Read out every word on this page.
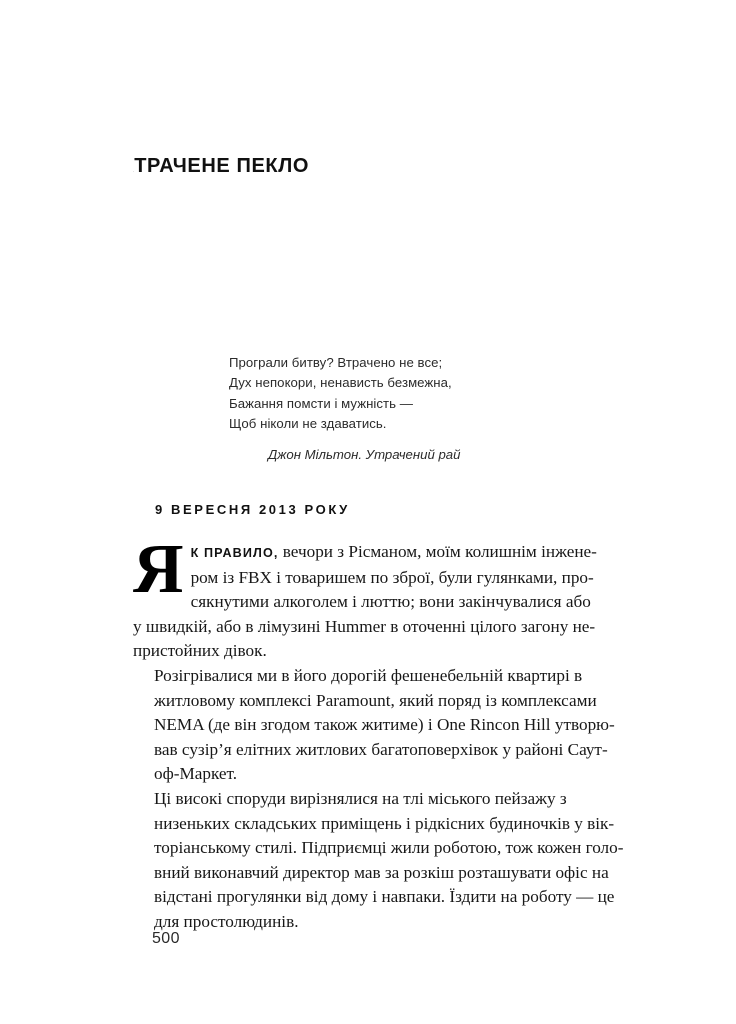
УТРАЧЕНЕ ПЕКЛО
Програли битву? Втрачено не все;
Дух непокори, ненависть безмежна,
Бажання помсти і мужність —
Щоб ніколи не здаватись.
Джон Мільтон. Утрачений рай
9 ВЕРЕСНЯ 2013 РОКУ

ЯК ПРАВИЛО, вечори з Рісманом, моїм колишнім інжене-
ром із FBX і товаришем по зброї, були гулянками, про-
сякнутими алкоголем і люттю; вони закінчувалися або
у швидкій, або в лімузині Hummer в оточенні цілого загону не-
пристойних дівок.

Розігрівалися ми в його дорогій фешенебельній квартирі в
житловому комплексі Paramount, який поряд із комплексами
NEMA (де він згодом також житиме) і One Rincon Hill утворю-
вав сузір’я елітних житлових багатоповерхівок у районі Саут-
оф-Маркет.

Ці високі споруди вирізнялися на тлі міського пейзажу з
низеньких складських приміщень і рідкісних будиночків у вік-
торіанському стилі. Підприємці жили роботою, тож кожен голо-
вний виконавчий директор мав за розкіш розташувати офіс на
відстані прогулянки від дому і навпаки. Їздити на роботу — це
для простолюдинів.

500
